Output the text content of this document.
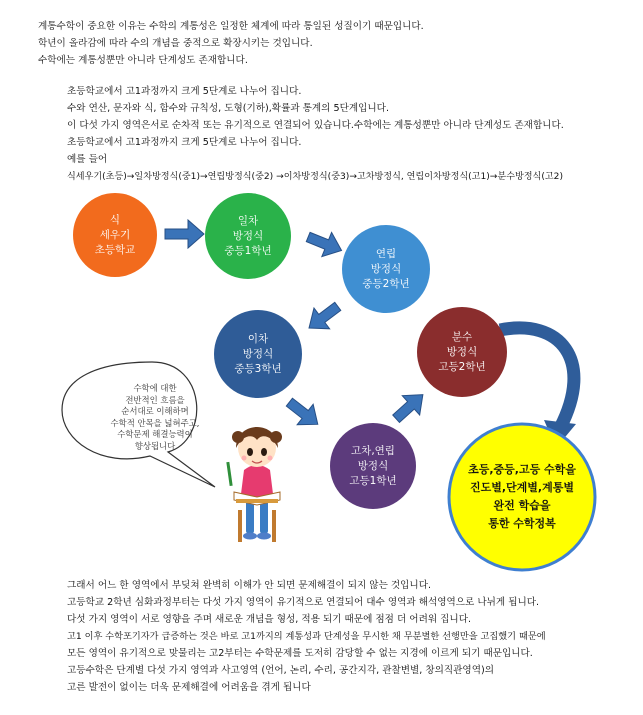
계통수학이 중요한 이유는 수학의 계통성은 일정한 체계에 따라 통일된 성질이기 때문입니다.
학년이 올라감에 따라 수의 개념을 중적으로 확장시키는 것입니다.
수학에는 계통성뿐만 아니라 단계성도 존재합니다.
초등학교에서 고1과정까지 크게 5단계로 나누어 집니다.
수와 연산, 문자와 식, 함수와 규칙성, 도형(기하),확률과 통계의 5단계입니다.
이 다섯 가지 영역은서로 순차적 또는 유기적으로 연결되어 있습니다.수학에는 계통성뿐만 아니라 단계성도 존재합니다.
초등학교에서 고1과정까지 크게 5단계로 나누어 집니다.
예를 들어
식세우기(초등)→일차방정식(중1)→연립방정식(중2) →이차방정식(중3)→고차방정식, 연립이차방정식(고1)→분수방정식(고2)
식
세우기
초등학교
일차
방정식
중등1학년	연립
방정식
중등2학년
이차
방정식
중등3학년
고차,연립
방정식
고등1학년
분수
방정식
고등2학년
수학에 대한
전반적인 흐름을
순서대로 이해하며
수학적 안목을 넓혀주고,
수학문제 해결능력이
향상됩니다
초등,중등,고등 수학을
진도별,단계별,계통별
완전 학습을
통한 수학정복
그래서 어느 한 영역에서 부딪쳐 완벽히 이해가 안 되면 문제해결이 되지 않는 것입니다.
고등학교 2학년 심화과정부터는 다섯 가지 영역이 유기적으로 연결되어 대수 영역과 해석영역으로 나뉘게 됩니다.
다섯 가지 영역이 서로 영향을 주며 새로운 개념을 형성, 적용 되기 때문에 점점 더 어려워 집니다.
고1 이후 수학포기자가 급증하는 것은 바로 고1까지의 계통성과 단계성을 무시한 채 무분별한 선행만을 고집했기 때문에
모든 영역이 유기적으로 맞물리는 고2부터는 수학문제를 도저히 감당할 수 없는 지경에 이르게 되기 때문입니다.
고등수학은 단계별 다섯 가지 영역과 사고영역 (언어, 논리, 수리, 공간지각, 관찰변별, 창의직관영역)의
고른 발전이 없이는 더욱 문제해결에 어려움을 겪게 됩니다
